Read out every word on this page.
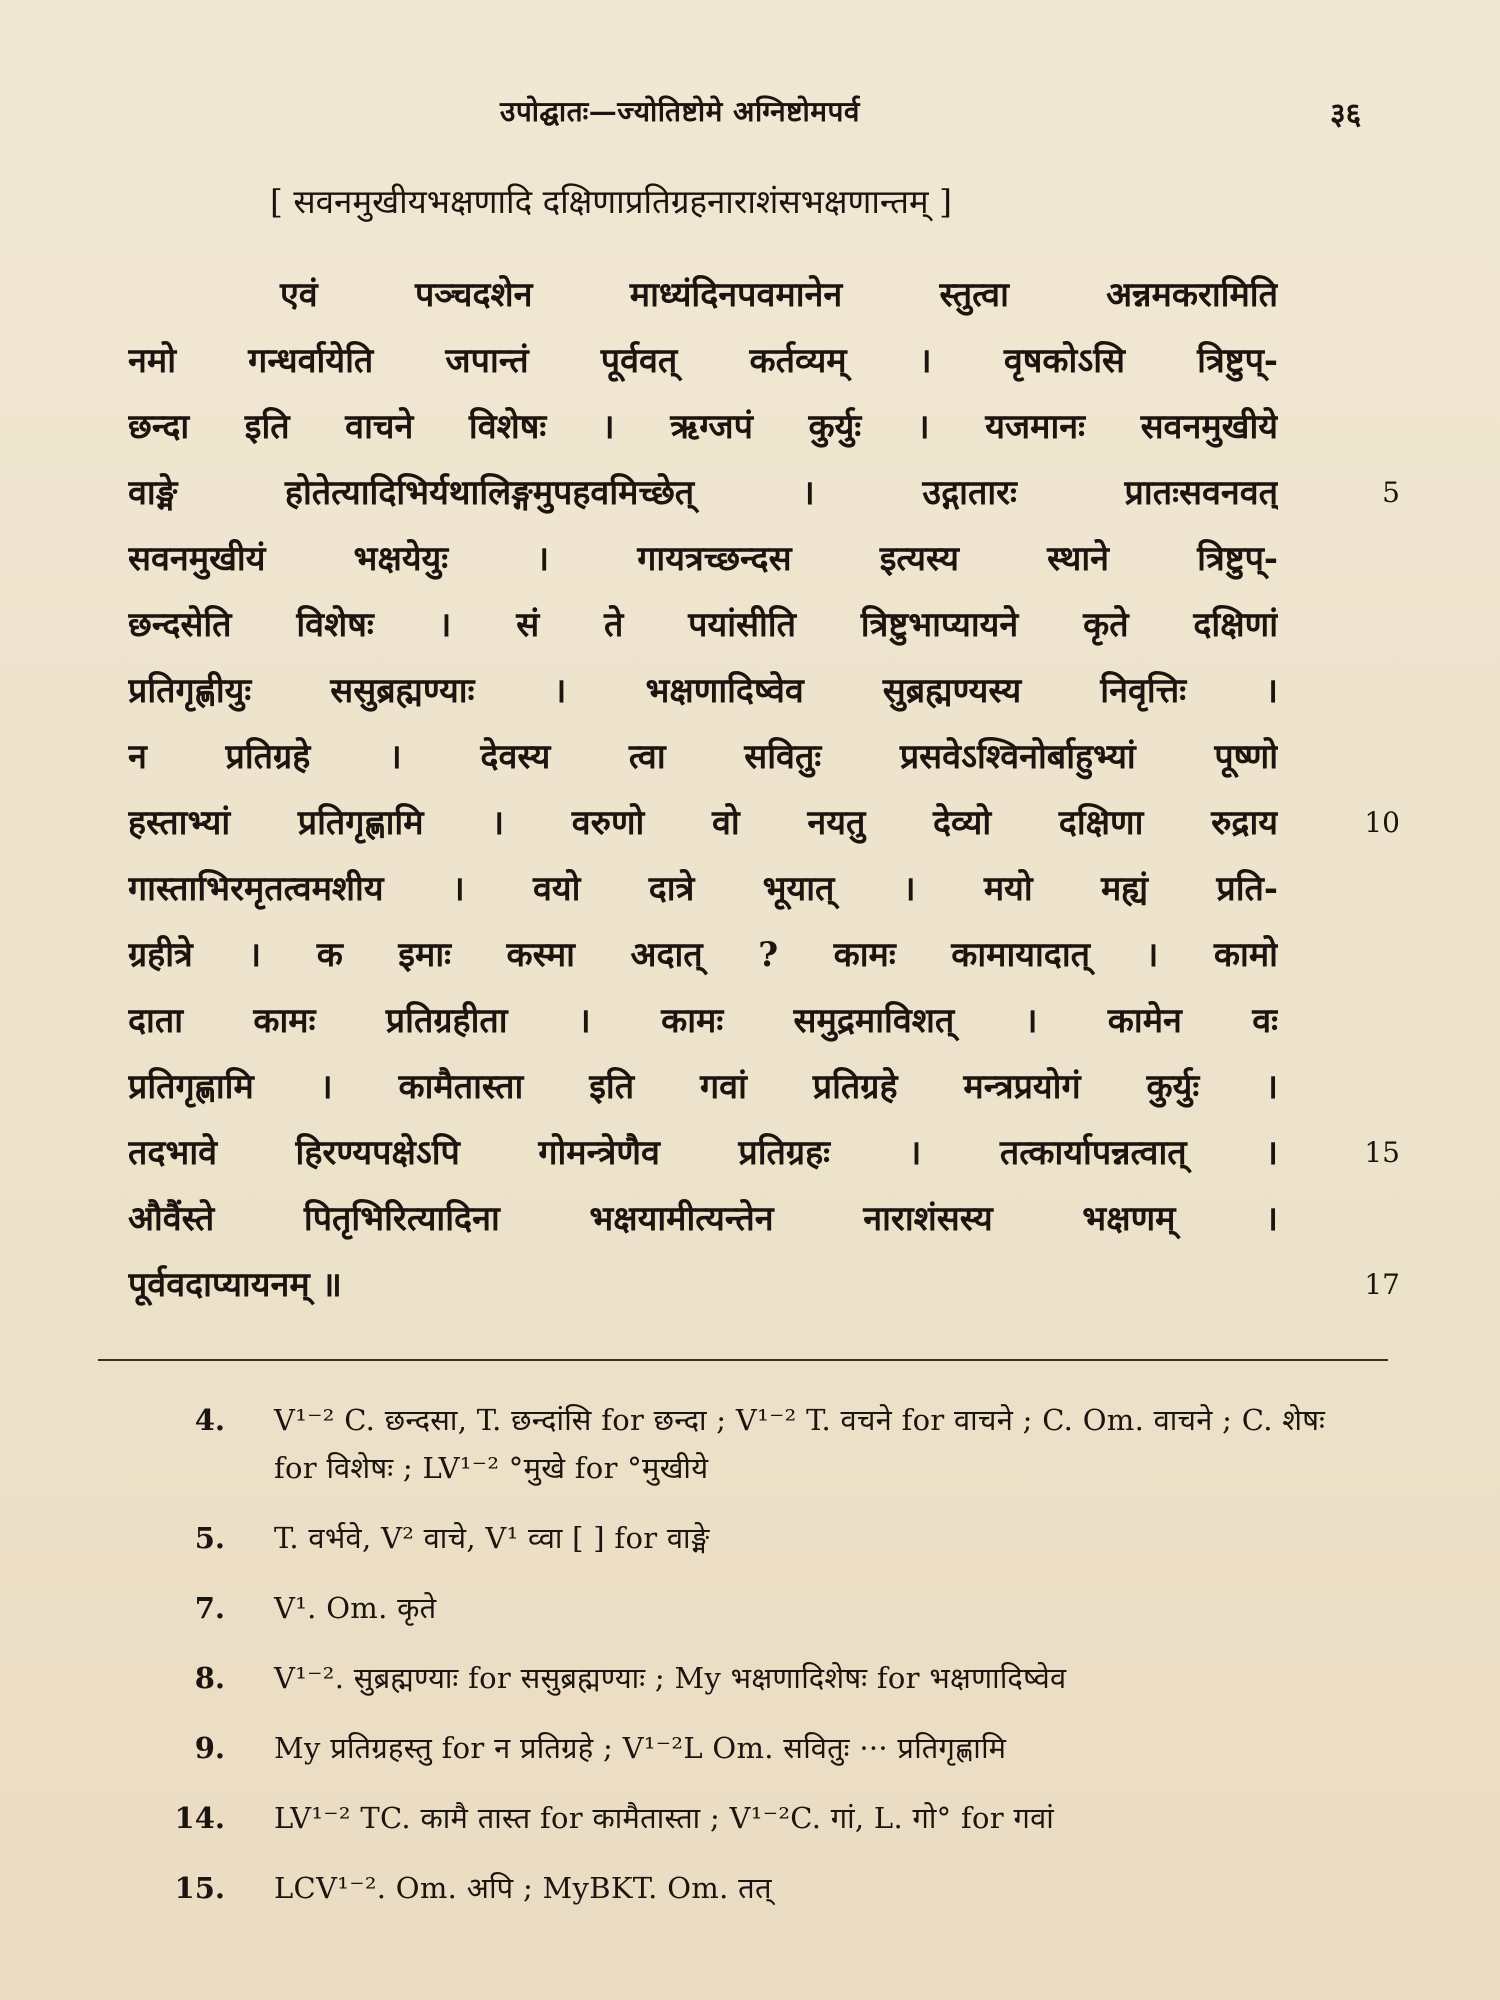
उपोद्घातः—ज्योतिष्टोमे अग्निष्टोमपर्व	३६
[ सवनमुखीयभक्षणादि दक्षिणाप्रतिग्रहनाराशंसभक्षणान्तम् ]
एवं पञ्चदशेन माध्यंदिनपवमानेन स्तुत्वा अन्नमकरामिति
नमो गन्धर्वायेति जपान्तं पूर्ववत् कर्तव्यम् । वृषकोऽसि त्रिष्टुप्-
छन्दा इति वाचने विशेषः । ऋग्जपं कुर्युः । यजमानः सवनमुखीये
वाङ्मे होतेत्यादिभिर्यथालिङ्गमुपहवमिच्छेत् । उद्गातारः प्रातःसवनवत्	5
सवनमुखीयं भक्षयेयुः । गायत्रच्छन्दस इत्यस्य स्थाने त्रिष्टुप्-
छन्दसेति विशेषः । सं ते पयांसीति त्रिष्टुभाप्यायने कृते दक्षिणां
प्रतिगृह्णीयुः ससुब्रह्मण्याः । भक्षणादिष्वेव सुब्रह्मण्यस्य निवृत्तिः ।
न प्रतिग्रहे । देवस्य त्वा सवितुः प्रसवेऽश्विनोर्बाहुभ्यां पूष्णो
हस्ताभ्यां प्रतिगृह्णामि । वरुणो वो नयतु देव्यो दक्षिणा रुद्राय	10
गास्ताभिरमृतत्वमशीय । वयो दात्रे भूयात् । मयो मह्यं प्रति-
ग्रहीत्रे । क इमाः कस्मा अदात् ? कामः कामायादात् । कामो
दाता कामः प्रतिग्रहीता । कामः समुद्रमाविशत् । कामेन वः
प्रतिगृह्णामि । कामैतास्ता इति गवां प्रतिग्रहे मन्त्रप्रयोगं कुर्युः ।
तदभावे हिरण्यपक्षेऽपि गोमन्त्रेणैव प्रतिग्रहः । तत्कार्यापन्नत्वात् ।	15
औवैंस्ते पितृभिरित्यादिना भक्षयामीत्यन्तेन नाराशंसस्य भक्षणम् ।
पूर्ववदाप्यायनम् ॥	17
4. V¹⁻² C. छन्दसा, T. छन्दांसि for छन्दा ; V¹⁻² T. वचने for वाचने ; C. Om. वाचने ; C. शेषः for विशेषः ; LV¹⁻² °मुखे for °मुखीये
5. T. वर्भवे, V² वाचे, V¹ व्वा [ ] for वाङ्मे
7. V¹. Om. कृते
8. V¹⁻². सुब्रह्मण्याः for ससुब्रह्मण्याः ; My भक्षणादिशेषः for भक्षणादिष्वेव
9. My प्रतिग्रहस्तु for न प्रतिग्रहे ; V¹⁻²L Om. सवितुः ··· प्रतिगृह्णामि
14. LV¹⁻² TC. कामै तास्त for कामैतास्ता ; V¹⁻²C. गां, L. गो° for गवां
15. LCV¹⁻². Om. अपि ; MyBKT. Om. तत्
